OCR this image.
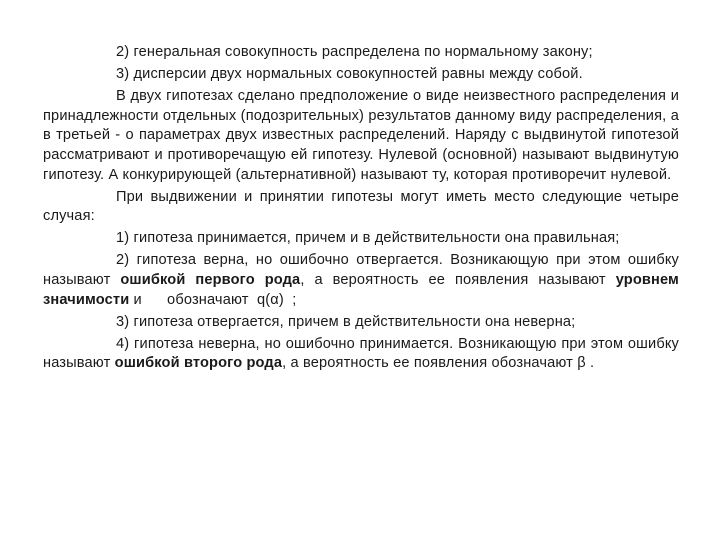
2) генеральная совокупность распределена по нормальному закону;

3) дисперсии двух нормальных совокупностей равны между собой.

В двух гипотезах сделано предположение о виде неизвестного распределения и принадлежности отдельных (подозрительных) результатов данному виду распределения, а в третьей - о параметрах двух известных распределений. Наряду с выдвинутой гипотезой рассматривают и противоречащую ей гипотезу. Нулевой (основной) называют выдвинутую гипотезу. А конкурирующей (альтернативной) называют ту, которая противоречит нулевой.

При выдвижении и принятии гипотезы могут иметь место следующие четыре случая:

1) гипотеза принимается, причем и в действительности она правильная;

2) гипотеза верна, но ошибочно отвергается. Возникающую при этом ошибку называют ошибкой первого рода, а вероятность ее появления называют уровнем значимости и      обозначают  q(α)  ;

3) гипотеза отвергается, причем в действительности она неверна;

4) гипотеза неверна, но ошибочно принимается. Возникающую при этом ошибку называют ошибкой второго рода, а вероятность ее появления обозначают β .
